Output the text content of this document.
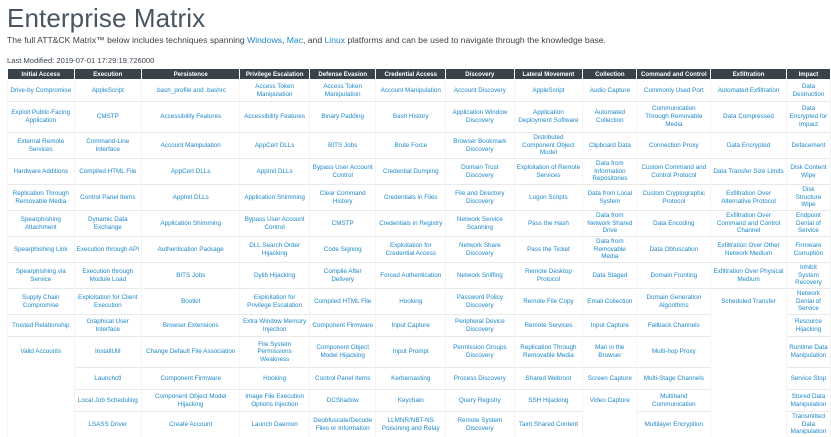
Enterprise Matrix

The full ATT&CK Matrix™ below includes techniques spanning Windows, Mac, and Linux platforms and can be used to navigate through the knowledge base.

Last Modified: 2019-07-01 17:29:19.726000

Initial Access	Execution	Persistence	Privilege Escalation	Defense Evasion	Credential Access	Discovery	Lateral Movement	Collection	Command and Control	Exfiltration	Impact
Drive-by Compromise	AppleScript	.bash_profile and .bashrc	Access Token Manipulation	Access Token Manipulation	Account Manipulation	Account Discovery	AppleScript	Audio Capture	Commonly Used Port	Automated Exfiltration	Data Destruction
Exploit Public-Facing Application	CMSTP	Accessibility Features	Accessibility Features	Binary Padding	Bash History	Application Window Discovery	Application Deployment Software	Automated Collection	Communication Through Removable Media	Data Compressed	Data Encrypted for Impact
External Remote Services	Command-Line Interface	Account Manipulation	AppCert DLLs	BITS Jobs	Brute Force	Browser Bookmark Discovery	Distributed Component Object Model	Clipboard Data	Connection Proxy	Data Encrypted	Defacement
Hardware Additions	Compiled HTML File	AppCert DLLs	AppInit DLLs	Bypass User Account Control	Credential Dumping	Domain Trust Discovery	Exploitation of Remote Services	Data from Information Repositories	Custom Command and Control Protocol	Data Transfer Size Limits	Disk Content Wipe
Replication Through Removable Media	Control Panel Items	AppInit DLLs	Application Shimming	Clear Command History	Credentials in Files	File and Directory Discovery	Logon Scripts	Data from Local System	Custom Cryptographic Protocol	Exfiltration Over Alternative Protocol	Disk Structure Wipe
Spearphishing Attachment	Dynamic Data Exchange	Application Shimming	Bypass User Account Control	CMSTP	Credentials in Registry	Network Service Scanning	Pass the Hash	Data from Network Shared Drive	Data Encoding	Exfiltration Over Command and Control Channel	Endpoint Denial of Service
Spearphishing Link	Execution through API	Authentication Package	DLL Search Order Hijacking	Code Signing	Exploitation for Credential Access	Network Share Discovery	Pass the Ticket	Data from Removable Media	Data Obfuscation	Exfiltration Over Other Network Medium	Firmware Corruption
Spearphishing via Service	Execution through Module Load	BITS Jobs	Dylib Hijacking	Compile After Delivery	Forced Authentication	Network Sniffing	Remote Desktop Protocol	Data Staged	Domain Fronting	Exfiltration Over Physical Medium	Inhibit System Recovery
Supply Chain Compromise	Exploitation for Client Execution	Bootkit	Exploitation for Privilege Escalation	Compiled HTML File	Hooking	Password Policy Discovery	Remote File Copy	Email Collection	Domain Generation Algorithms	Scheduled Transfer	Network Denial of Service
Trusted Relationship	Graphical User Interface	Browser Extensions	Extra Window Memory Injection	Component Firmware	Input Capture	Peripheral Device Discovery	Remote Services	Input Capture	Fallback Channels		Resource Hijacking
Valid Accounts	InstallUtil	Change Default File Association	File System Permissions Weakness	Component Object Model Hijacking	Input Prompt	Permission Groups Discovery	Replication Through Removable Media	Man in the Browser	Multi-hop Proxy		Runtime Data Manipulation
	Launchctl	Component Firmware	Hooking	Control Panel Items	Kerberoasting	Process Discovery	Shared Webroot	Screen Capture	Multi-Stage Channels		Service Stop
	Local Job Scheduling	Component Object Model Hijacking	Image File Execution Options Injection	DCShadow	Keychain	Query Registry	SSH Hijacking	Video Capture	Multiband Communication		Stored Data Manipulation
	LSASS Driver	Create Account	Launch Daemon	Deobfuscate/Decode Files or Information	LLMNR/NBT-NS Poisoning and Relay	Remote System Discovery	Taint Shared Content		Multilayer Encryption		Transmitted Data Manipulation
